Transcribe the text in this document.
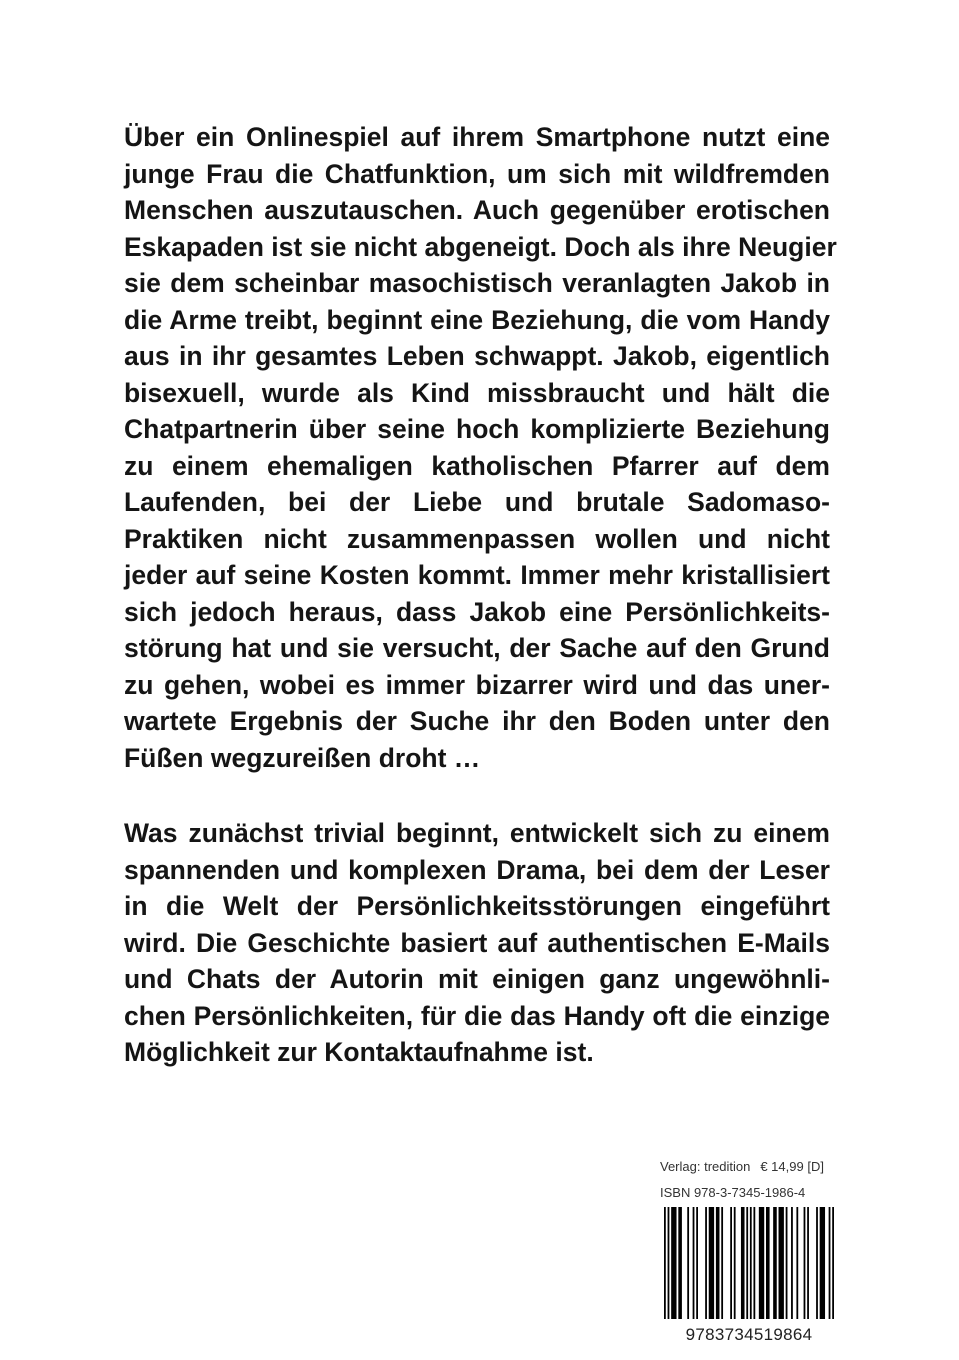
Über ein Onlinespiel auf ihrem Smartphone nutzt eine
junge Frau die Chatfunktion, um sich mit wildfremden
Menschen auszutauschen. Auch gegenüber erotischen
Eskapaden ist sie nicht abgeneigt. Doch als ihre Neugier
sie dem scheinbar masochistisch veranlagten Jakob in
die Arme treibt, beginnt eine Beziehung, die vom Handy
aus in ihr gesamtes Leben schwappt. Jakob, eigentlich
bisexuell, wurde als Kind missbraucht und hält die
Chatpartnerin über seine hoch komplizierte Beziehung
zu einem ehemaligen katholischen Pfarrer auf dem
Laufenden, bei der Liebe und brutale Sadomaso-
Praktiken nicht zusammenpassen wollen und nicht
jeder auf seine Kosten kommt. Immer mehr kristallisiert
sich jedoch heraus, dass Jakob eine Persönlichkeits-
störung hat und sie versucht, der Sache auf den Grund
zu gehen, wobei es immer bizarrer wird und das uner-
wartete Ergebnis der Suche ihr den Boden unter den
Füßen wegzureißen droht …
Was zunächst trivial beginnt, entwickelt sich zu einem
spannenden und komplexen Drama, bei dem der Leser
in die Welt der Persönlichkeitsstörungen eingeführt
wird. Die Geschichte basiert auf authentischen E-Mails
und Chats der Autorin mit einigen ganz ungewöhnli-
chen Persönlichkeiten, für die das Handy oft die einzige
Möglichkeit zur Kontaktaufnahme ist.
Verlag: tredition € 14,99 [D]
ISBN 978-3-7345-1986-4
9783734519864
